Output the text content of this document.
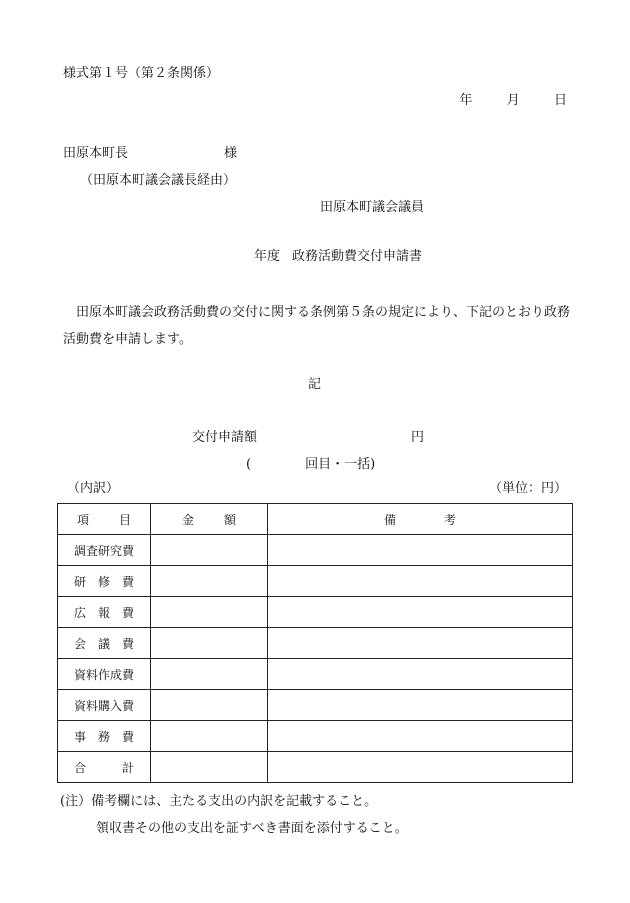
様式第１号（第２条関係）
年	月	日
田原本町長	様
（田原本町議会議長経由）
田原本町議会議員
年度 政務活動費交付申請書
田原本町議会政務活動費の交付に関する条例第５条の規定により、下記のとおり政務活動費を申請します。
記
交付申請額	円
(	回目・一括)
（内訳）	（単位：円）
項 目	金 額	備 考
調査研究費		
研　修　費		
広　報　費		
会　議　費		
資料作成費		
資料購入費		
事　務　費		
合　　　計		
(注）備考欄には、主たる支出の内訳を記載すること。
領収書その他の支出を証すべき書面を添付すること。
